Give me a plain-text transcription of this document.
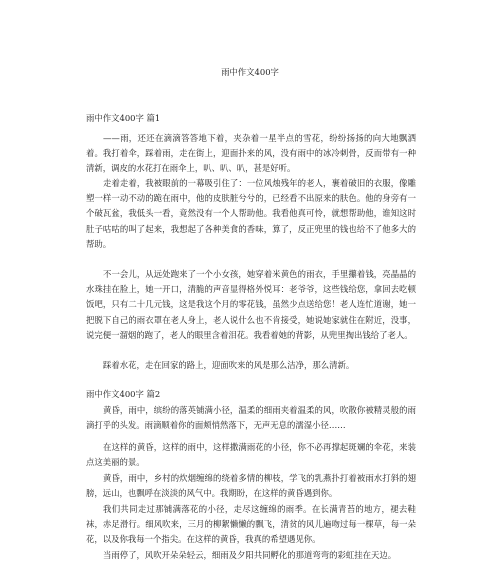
雨中作文400字
雨中作文400字 篇1

——雨，还还在滴滴答答地下着，夹杂着一星半点的雪花，纷纷扬扬的向大地飘洒着。我打着伞，踩着雨，走在街上，迎面扑来的风，没有雨中的冰冷刺骨，反而带有一种清新，调皮的水花打在雨伞上，叭、叭、叭，甚是好听。

走着走着，我被眼前的一幕吸引住了：一位风烛残年的老人，裹着破旧的衣服，像雕塑一样一动不动的跪在雨中，他的皮肤脏兮兮的，已经看不出原来的肤色。他的身旁有一个破瓦盆，我低头一看，竟然没有一个人帮助他。我看他真可怜，就想帮助他，谁知这时肚子咕咕的叫了起来，我想起了各种美食的香味，算了，反正兜里的钱也给不了他多大的帮助。

不一会儿，从远处跑来了一个小女孩，她穿着米黄色的雨衣，手里攥着钱，亮晶晶的水珠挂在脸上，她一开口，清脆的声音显得格外悦耳：老爷爷，这些钱给您，拿回去吃顿饭吧，只有二十几元钱，这是我这个月的零花钱，虽然少点送给您！老人连忙道谢，她一把脱下自己的雨衣罩在老人身上，老人说什么也不肯接受，她说她家就住在附近，没事，说完便一溜烟的跑了，老人的眼里含着泪花。我看着她的背影，从兜里掏出钱给了老人。

踩着水花，走在回家的路上，迎面吹来的风是那么洁净，那么清新。

雨中作文400字 篇2

黄昏，雨中，缤纷的落英铺满小径，温柔的细雨夹着温柔的风，吹散你被精灵般的雨滴打乎的头发。雨滴顺着你的面颊悄然落下，无声无息的濡湿小径……

在这样的黄昏，这样的雨中，这样撒满雨花的小径，你不必再撑起斑斓的伞花，来装点这美丽的景。

黄昏，雨中，乡村的炊烟缠绵的绕着多情的柳枝，学飞的乳燕扑打着被雨水打斜的翅膀，远山，也飘呼在淡淡的风气中。我期盼，在这样的黄昏遇到你。

我们共同走过那铺满落花的小径，走尽这缠绵的雨季。在长满青苔的地方，褪去鞋袜，赤足滑行。细风吹来，三月的柳絮懒懒的飘飞，清贫的风儿遍吻过每一棵草，每一朵花，以及你我每一个指尖。在这样的黄昏，我真的希望遇见你。

当雨停了，风吹开朵朵轻云，细雨及夕阳共同孵化的那道弯弯的彩虹挂在天边。
